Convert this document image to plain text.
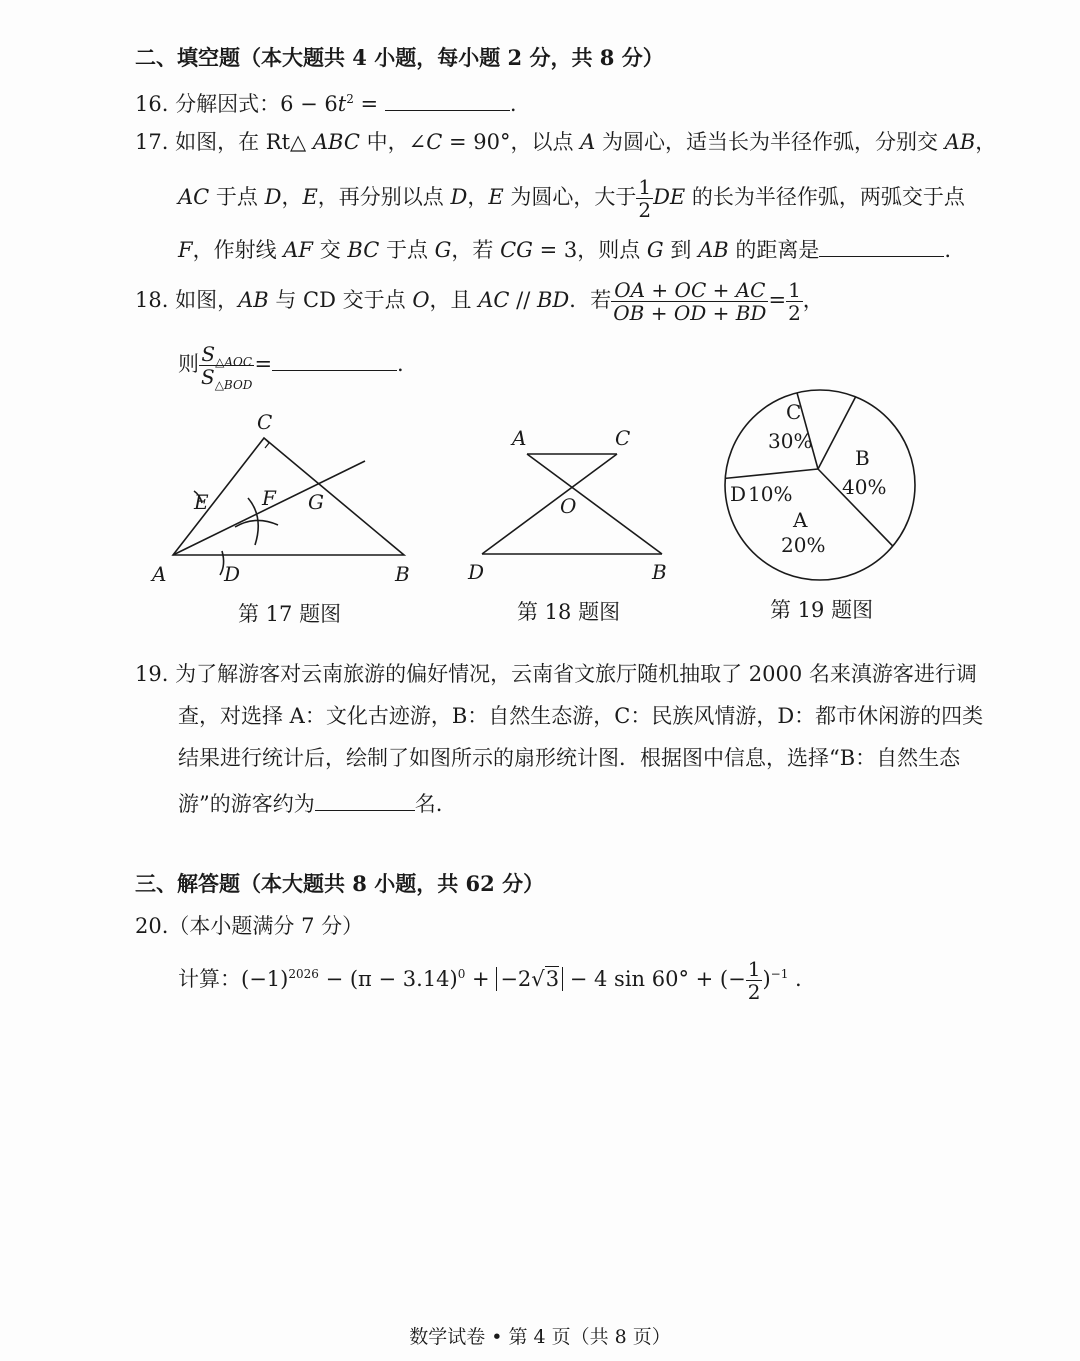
二、填空题（本大题共 4 小题，每小题 2 分，共 8 分）
16. 分解因式：$6 - 6t^2$ =	.
17. 如图，在 Rt△ ABC 中，∠C = 90°，以点 A 为圆心，适当长为半径作弧，分别交 AB，
AC 于点 D，E，再分别以点 D，E 为圆心，大于 $\frac{1}{2}$ DE 的长为半径作弧，两弧交于点
F，作射线 AF 交 BC 于点 G，若 CG = 3，则点 G 到 AB 的距离是	.
18. 如图，AB 与 CD 交于点 O，且 AC // BD．若 $\frac{OA + OC + AC}{OB + OD + BD} = \frac{1}{2}$ ，
则 $\frac{S_{\triangle AOC}}{S_{\triangle BOD}}$ =	.
A	B
C
D
E	F G
第 17 题图
A	C
D	B
O
第 18 题图
C
30%
B
40%
A
20%
D 10%
第 19 题图
19. 为了解游客对云南旅游的偏好情况，云南省文旅厅随机抽取了 2000 名来滇游客进行调
查，对选择 A：文化古迹游，B：自然生态游，C：民族风情游，D：都市休闲游的四类
结果进行统计后，绘制了如图所示的扇形统计图．根据图中信息，选择“B：自然生态
游”的游客约为	名.
三、解答题（本大题共 8 小题，共 62 分）
20.（本小题满分 7 分）
计算：$(-1)^{2026} - (\pi - 3.14)^0 + -2√3 - 4$ sin 60° + (− $\frac{1}{2} )^{-1}$ .
数学试卷 • 第 4 页（共 8 页）
